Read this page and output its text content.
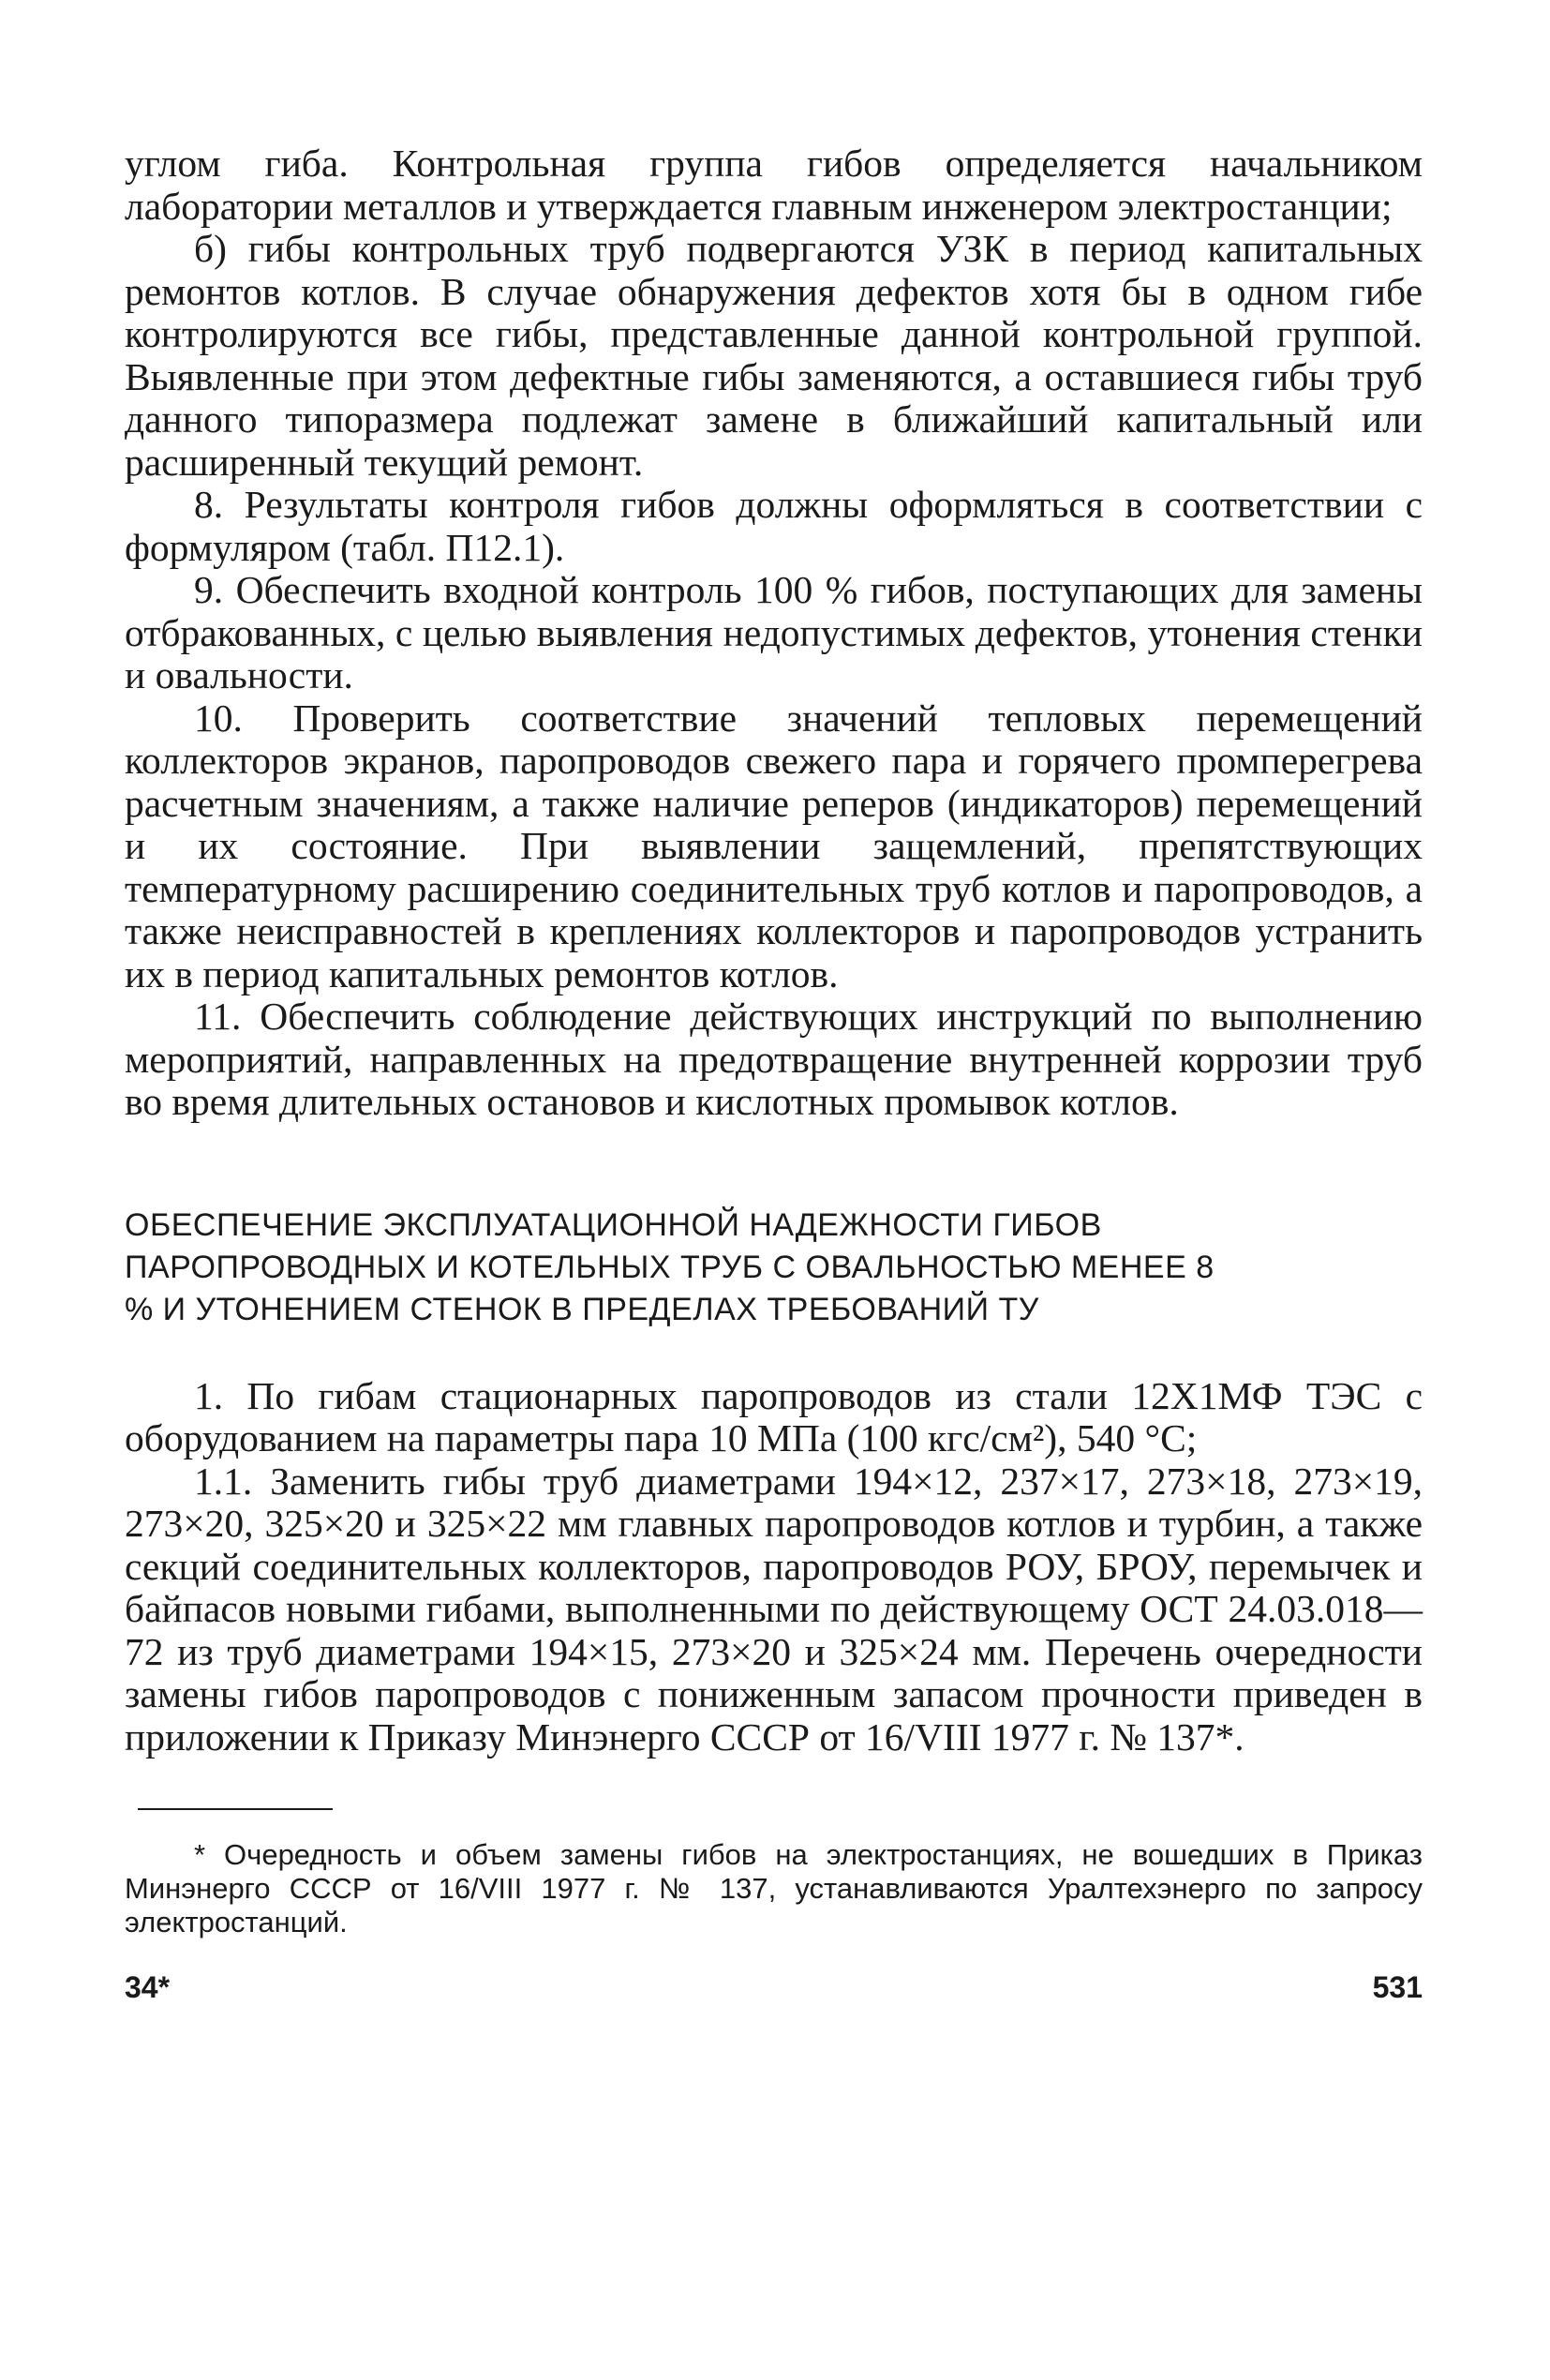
углом гиба. Контрольная группа гибов определяется начальником лаборатории металлов и утверждается главным инженером электростанции;

б) гибы контрольных труб подвергаются УЗК в период капитальных ремонтов котлов. В случае обнаружения дефектов хотя бы в одном гибе контролируются все гибы, представленные данной контрольной группой. Выявленные при этом дефектные гибы заменяются, а оставшиеся гибы труб данного типоразмера подлежат замене в ближайший капитальный или расширенный текущий ремонт.

8. Результаты контроля гибов должны оформляться в соответствии с формуляром (табл. П12.1).

9. Обеспечить входной контроль 100 % гибов, поступающих для замены отбракованных, с целью выявления недопустимых дефектов, утонения стенки и овальности.

10. Проверить соответствие значений тепловых перемещений коллекторов экранов, паропроводов свежего пара и горячего промперегрева расчетным значениям, а также наличие реперов (индикаторов) перемещений и их состояние. При выявлении защемлений, препятствующих температурному расширению соединительных труб котлов и паропроводов, а также неисправностей в креплениях коллекторов и паропроводов устранить их в период капитальных ремонтов котлов.

11. Обеспечить соблюдение действующих инструкций по выполнению мероприятий, направленных на предотвращение внутренней коррозии труб во время длительных остановов и кислотных промывок котлов.

ОБЕСПЕЧЕНИЕ ЭКСПЛУАТАЦИОННОЙ НАДЕЖНОСТИ ГИБОВ ПАРОПРОВОДНЫХ И КОТЕЛЬНЫХ ТРУБ С ОВАЛЬНОСТЬЮ МЕНЕЕ 8 % И УТОНЕНИЕМ СТЕНОК В ПРЕДЕЛАХ ТРЕБОВАНИЙ ТУ

1. По гибам стационарных паропроводов из стали 12Х1МФ ТЭС с оборудованием на параметры пара 10 МПа (100 кгс/см²), 540 °С;

1.1. Заменить гибы труб диаметрами 194×12, 237×17, 273×18, 273×19, 273×20, 325×20 и 325×22 мм главных паропроводов котлов и турбин, а также секций соединительных коллекторов, паропроводов РОУ, БРОУ, перемычек и байпасов новыми гибами, выполненными по действующему ОСТ 24.03.018—72 из труб диаметрами 194×15, 273×20 и 325×24 мм. Перечень очередности замены гибов паропроводов с пониженным запасом прочности приведен в приложении к Приказу Минэнерго СССР от 16/VIII 1977 г. № 137*.

* Очередность и объем замены гибов на электростанциях, не вошедших в Приказ Минэнерго СССР от 16/VIII 1977 г. № 137, устанавливаются Уралтехэнерго по запросу электростанций.

34*	531
